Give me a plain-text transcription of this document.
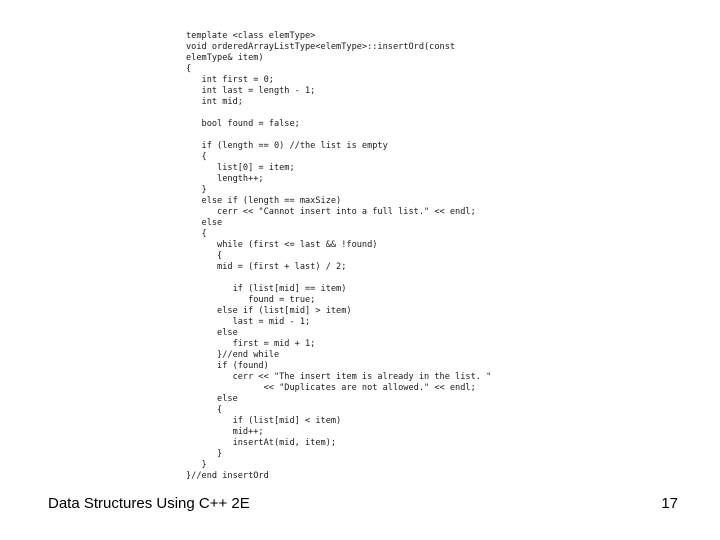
template <class elemType>
void orderedArrayListType<elemType>::insertOrd(const
elemType& item)
{
int first = 0;
int last = length - 1;
int mid;
bool found = false;
if (length == 0) //the list is empty
{
list[0] = item;
length++;
}
else if (length == maxSize)
cerr << "Cannot insert into a full list." << endl;
else
{
while (first <= last && !found)
{
mid = (first + last) / 2;
if (list[mid] == item)
found = true;
else if (list[mid] > item)
last = mid - 1;
else
first = mid + 1;
}//end while
if (found)
cerr << "The insert item is already in the list. "
<< "Duplicates are not allowed." << endl;
else
{
if (list[mid] < item)
mid++;
insertAt(mid, item);
}
}
}//end insertOrd
Data Structures Using C++ 2E	17
